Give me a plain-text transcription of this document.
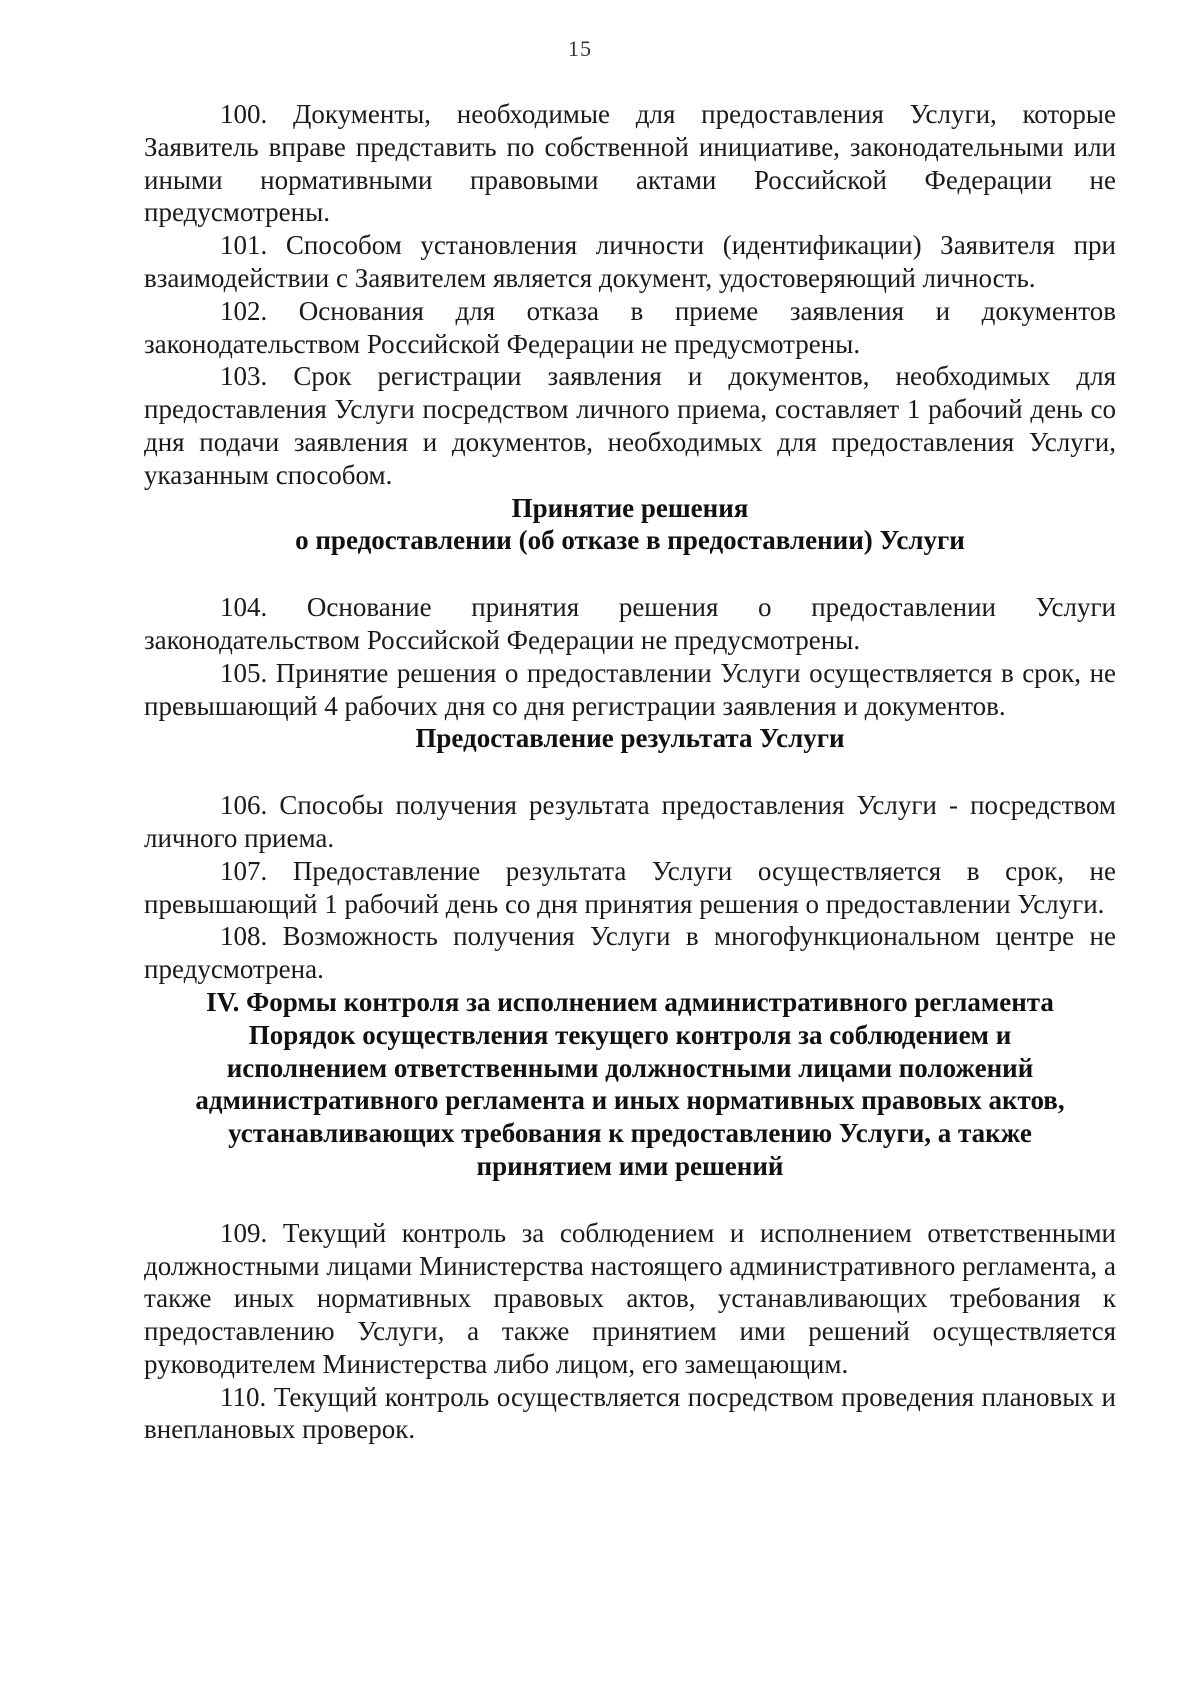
15

100. Документы, необходимые для предоставления Услуги, которые Заявитель вправе представить по собственной инициативе, законодательными или иными нормативными правовыми актами Российской Федерации не предусмотрены.

101. Способом установления личности (идентификации) Заявителя при взаимодействии с Заявителем является документ, удостоверяющий личность.

102. Основания для отказа в приеме заявления и документов законодательством Российской Федерации не предусмотрены.

103. Срок регистрации заявления и документов, необходимых для предоставления Услуги посредством личного приема, составляет 1 рабочий день со дня подачи заявления и документов, необходимых для предоставления Услуги, указанным способом.

Принятие решения
о предоставлении (об отказе в предоставлении) Услуги

104. Основание принятия решения о предоставлении Услуги законодательством Российской Федерации не предусмотрены.

105. Принятие решения о предоставлении Услуги осуществляется в срок, не превышающий 4 рабочих дня со дня регистрации заявления и документов.

Предоставление результата Услуги

106. Способы получения результата предоставления Услуги - посредством личного приема.

107. Предоставление результата Услуги осуществляется в срок, не превышающий 1 рабочий день со дня принятия решения о предоставлении Услуги.

108. Возможность получения Услуги в многофункциональном центре не предусмотрена.

IV. Формы контроля за исполнением административного регламента
Порядок осуществления текущего контроля за соблюдением и
исполнением ответственными должностными лицами положений
административного регламента и иных нормативных правовых актов,
устанавливающих требования к предоставлению Услуги, а также
принятием ими решений

109. Текущий контроль за соблюдением и исполнением ответственными должностными лицами Министерства настоящего административного регламента, а также иных нормативных правовых актов, устанавливающих требования к предоставлению Услуги, а также принятием ими решений осуществляется руководителем Министерства либо лицом, его замещающим.

110. Текущий контроль осуществляется посредством проведения плановых и внеплановых проверок.
